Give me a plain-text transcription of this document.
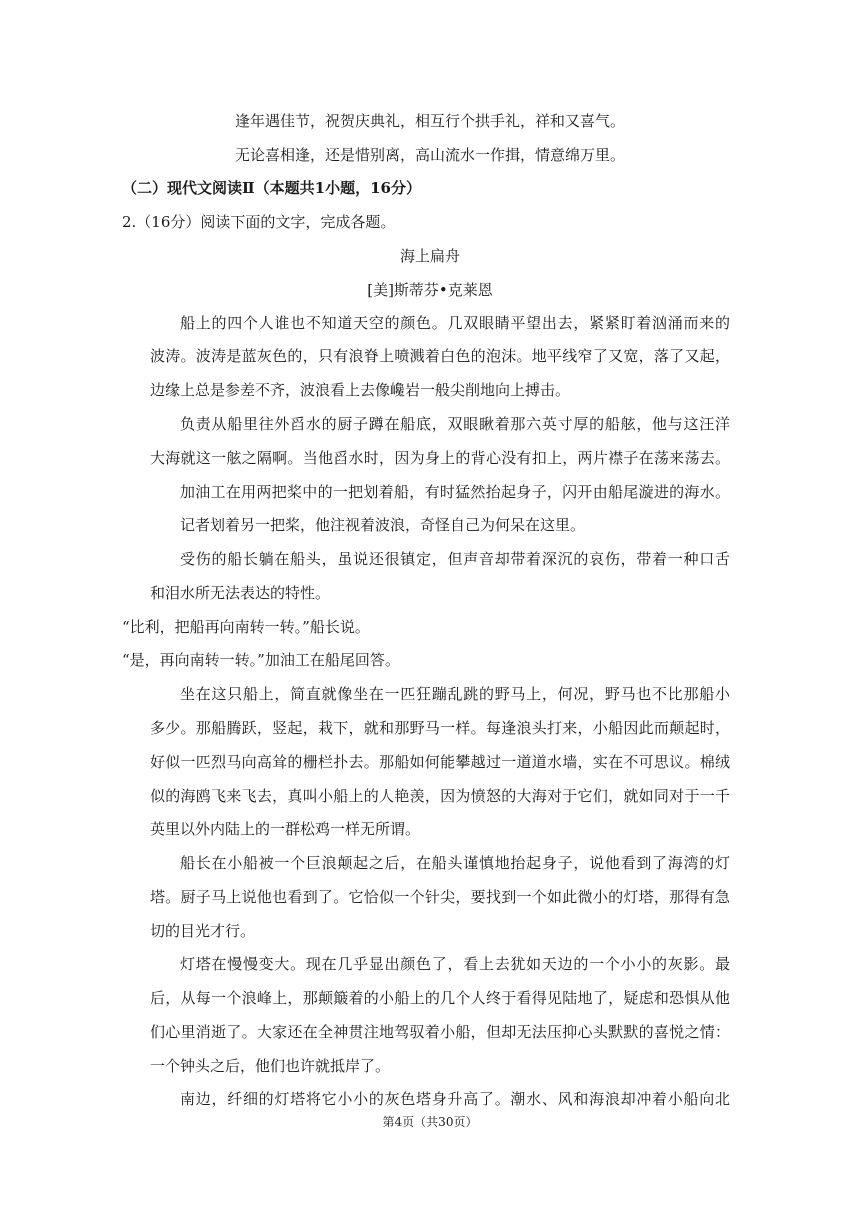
逢年遇佳节，祝贺庆典礼，相互行个拱手礼，祥和又喜气。
无论喜相逢，还是惜别离，高山流水一作揖，情意绵万里。
（二）现代文阅读Ⅱ（本题共1小题，16分）
2.（16分）阅读下面的文字，完成各题。
海上扁舟
[美]斯蒂芬•克莱恩
船上的四个人谁也不知道天空的颜色。几双眼睛平望出去，紧紧盯着汹涌而来的
波涛。波涛是蓝灰色的，只有浪脊上喷溅着白色的泡沫。地平线窄了又宽，落了又起，
边缘上总是参差不齐，波浪看上去像巉岩一般尖削地向上搏击。
负责从船里往外舀水的厨子蹲在船底，双眼瞅着那六英寸厚的船舷，他与这汪洋
大海就这一舷之隔啊。当他舀水时，因为身上的背心没有扣上，两片襟子在荡来荡去。
加油工在用两把桨中的一把划着船，有时猛然抬起身子，闪开由船尾漩进的海水。
记者划着另一把桨，他注视着波浪，奇怪自己为何呆在这里。
受伤的船长躺在船头，虽说还很镇定，但声音却带着深沉的哀伤，带着一种口舌
和泪水所无法表达的特性。
“比利，把船再向南转一转。”船长说。
“是，再向南转一转。”加油工在船尾回答。
坐在这只船上，简直就像坐在一匹狂蹦乱跳的野马上，何况，野马也不比那船小
多少。那船腾跃，竖起，栽下，就和那野马一样。每逢浪头打来，小船因此而颠起时，
好似一匹烈马向高耸的栅栏扑去。那船如何能攀越过一道道水墙，实在不可思议。棉绒
似的海鸥飞来飞去，真叫小船上的人艳羡，因为愤怒的大海对于它们，就如同对于一千
英里以外内陆上的一群松鸡一样无所谓。
船长在小船被一个巨浪颠起之后，在船头谨慎地抬起身子，说他看到了海湾的灯
塔。厨子马上说他也看到了。它恰似一个针尖，要找到一个如此微小的灯塔，那得有急
切的目光才行。
灯塔在慢慢变大。现在几乎显出颜色了，看上去犹如天边的一个小小的灰影。最
后，从每一个浪峰上，那颠簸着的小船上的几个人终于看得见陆地了，疑虑和恐惧从他
们心里消逝了。大家还在全神贯注地驾驭着小船，但却无法压抑心头默默的喜悦之情：
一个钟头之后，他们也许就抵岸了。
南边，纤细的灯塔将它小小的灰色塔身升高了。潮水、风和海浪却冲着小船向北
第4页（共30页）
